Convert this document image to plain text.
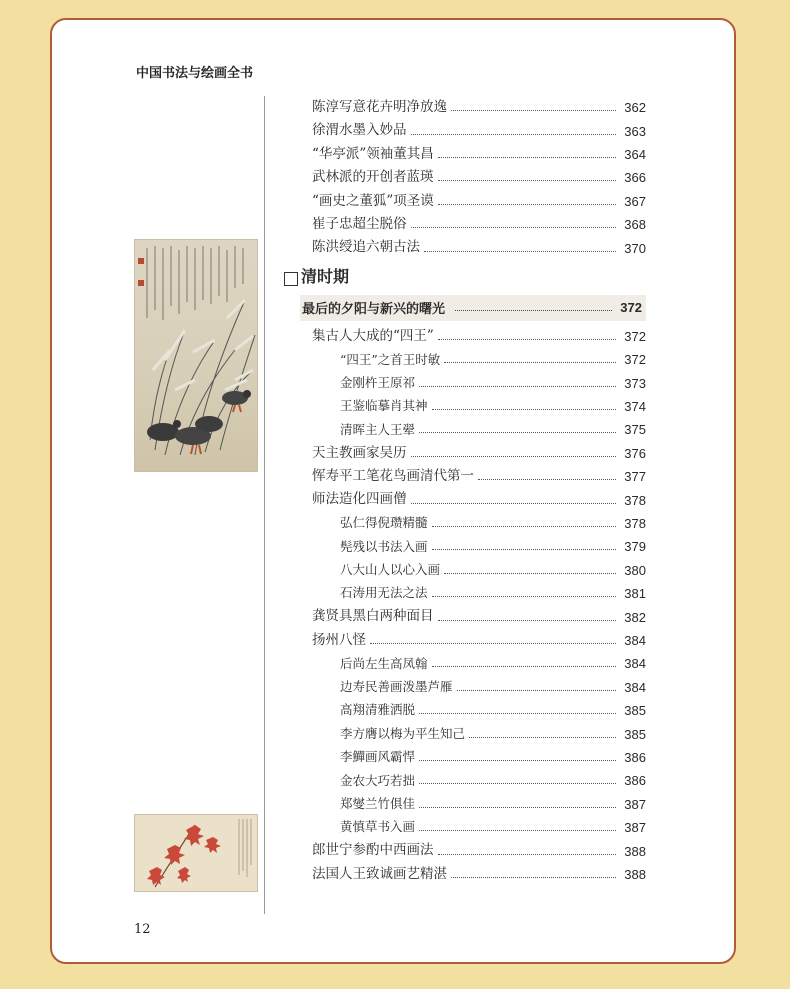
中国书法与绘画全书
陈淳写意花卉明净放逸	362
徐渭水墨入妙品	363
“华亭派”领袖董其昌	364
武林派的开创者蓝瑛	366
“画史之董狐”项圣谟	367
崔子忠超尘脱俗	368
陈洪绶追六朝古法	370
清时期
最后的夕阳与新兴的曙光	372
集古人大成的“四王”	372
“四王”之首王时敏	372
金刚杵王原祁	373
王鉴临摹肖其神	374
清晖主人王翚	375
天主教画家吴历	376
恽寿平工笔花鸟画清代第一	377
师法造化四画僧	378
弘仁得倪瓒精髓	378
髡残以书法入画	379
八大山人以心入画	380
石涛用无法之法	381
龚贤具黑白两种面目	382
扬州八怪	384
后尚左生高凤翰	384
边寿民善画泼墨芦雁	384
高翔清雅洒脱	385
李方膺以梅为平生知己	385
李鱓画风霸悍	386
金农大巧若拙	386
郑燮兰竹俱佳	387
黄慎草书入画	387
郎世宁参酌中西画法	388
法国人王致诚画艺精湛	388
12
